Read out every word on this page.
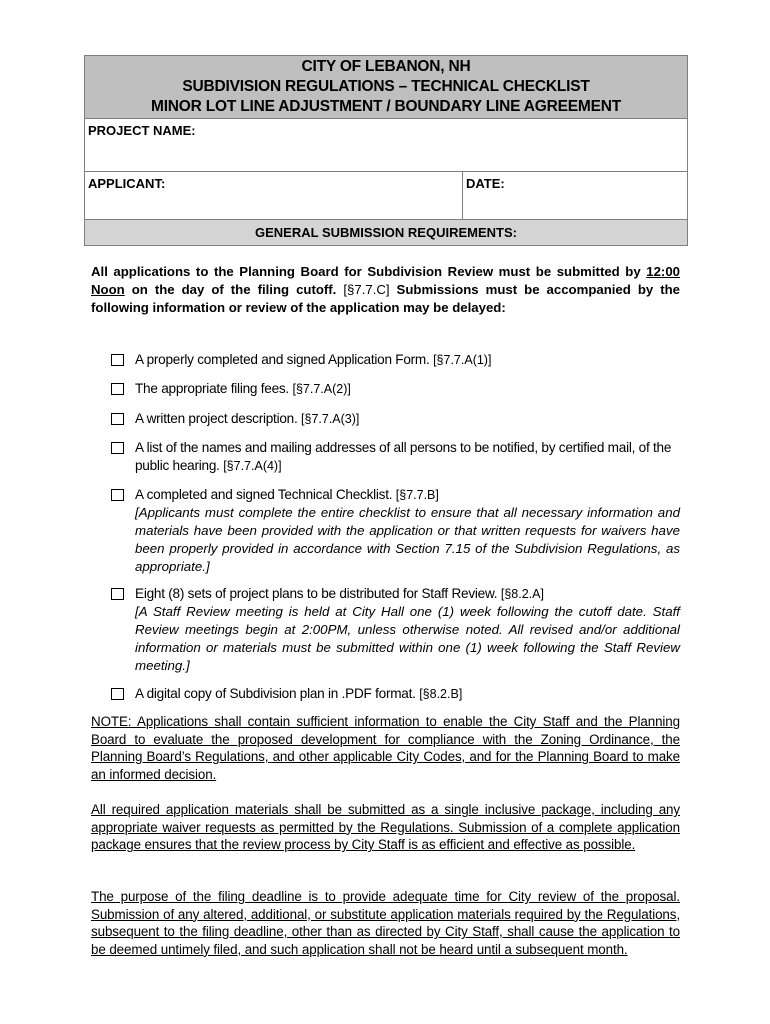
CITY OF LEBANON, NH
SUBDIVISION REGULATIONS – TECHNICAL CHECKLIST
MINOR LOT LINE ADJUSTMENT / BOUNDARY LINE AGREEMENT

PROJECT NAME:

APPLICANT:	DATE:

GENERAL SUBMISSION REQUIREMENTS:
All applications to the Planning Board for Subdivision Review must be submitted by 12:00 Noon on the day of the filing cutoff. [§7.7.C] Submissions must be accompanied by the following information or review of the application may be delayed:
A properly completed and signed Application Form. [§7.7.A(1)]
The appropriate filing fees. [§7.7.A(2)]
A written project description. [§7.7.A(3)]
A list of the names and mailing addresses of all persons to be notified, by certified mail, of the public hearing. [§7.7.A(4)]
A completed and signed Technical Checklist. [§7.7.B]
[Applicants must complete the entire checklist to ensure that all necessary information and materials have been provided with the application or that written requests for waivers have been properly provided in accordance with Section 7.15 of the Subdivision Regulations, as appropriate.]
Eight (8) sets of project plans to be distributed for Staff Review. [§8.2.A]
[A Staff Review meeting is held at City Hall one (1) week following the cutoff date. Staff Review meetings begin at 2:00PM, unless otherwise noted. All revised and/or additional information or materials must be submitted within one (1) week following the Staff Review meeting.]
A digital copy of Subdivision plan in .PDF format. [§8.2.B]
NOTE: Applications shall contain sufficient information to enable the City Staff and the Planning Board to evaluate the proposed development for compliance with the Zoning Ordinance, the Planning Board’s Regulations, and other applicable City Codes, and for the Planning Board to make an informed decision.
All required application materials shall be submitted as a single inclusive package, including any appropriate waiver requests as permitted by the Regulations. Submission of a complete application package ensures that the review process by City Staff is as efficient and effective as possible.
The purpose of the filing deadline is to provide adequate time for City review of the proposal. Submission of any altered, additional, or substitute application materials required by the Regulations, subsequent to the filing deadline, other than as directed by City Staff, shall cause the application to be deemed untimely filed, and such application shall not be heard until a subsequent month.
